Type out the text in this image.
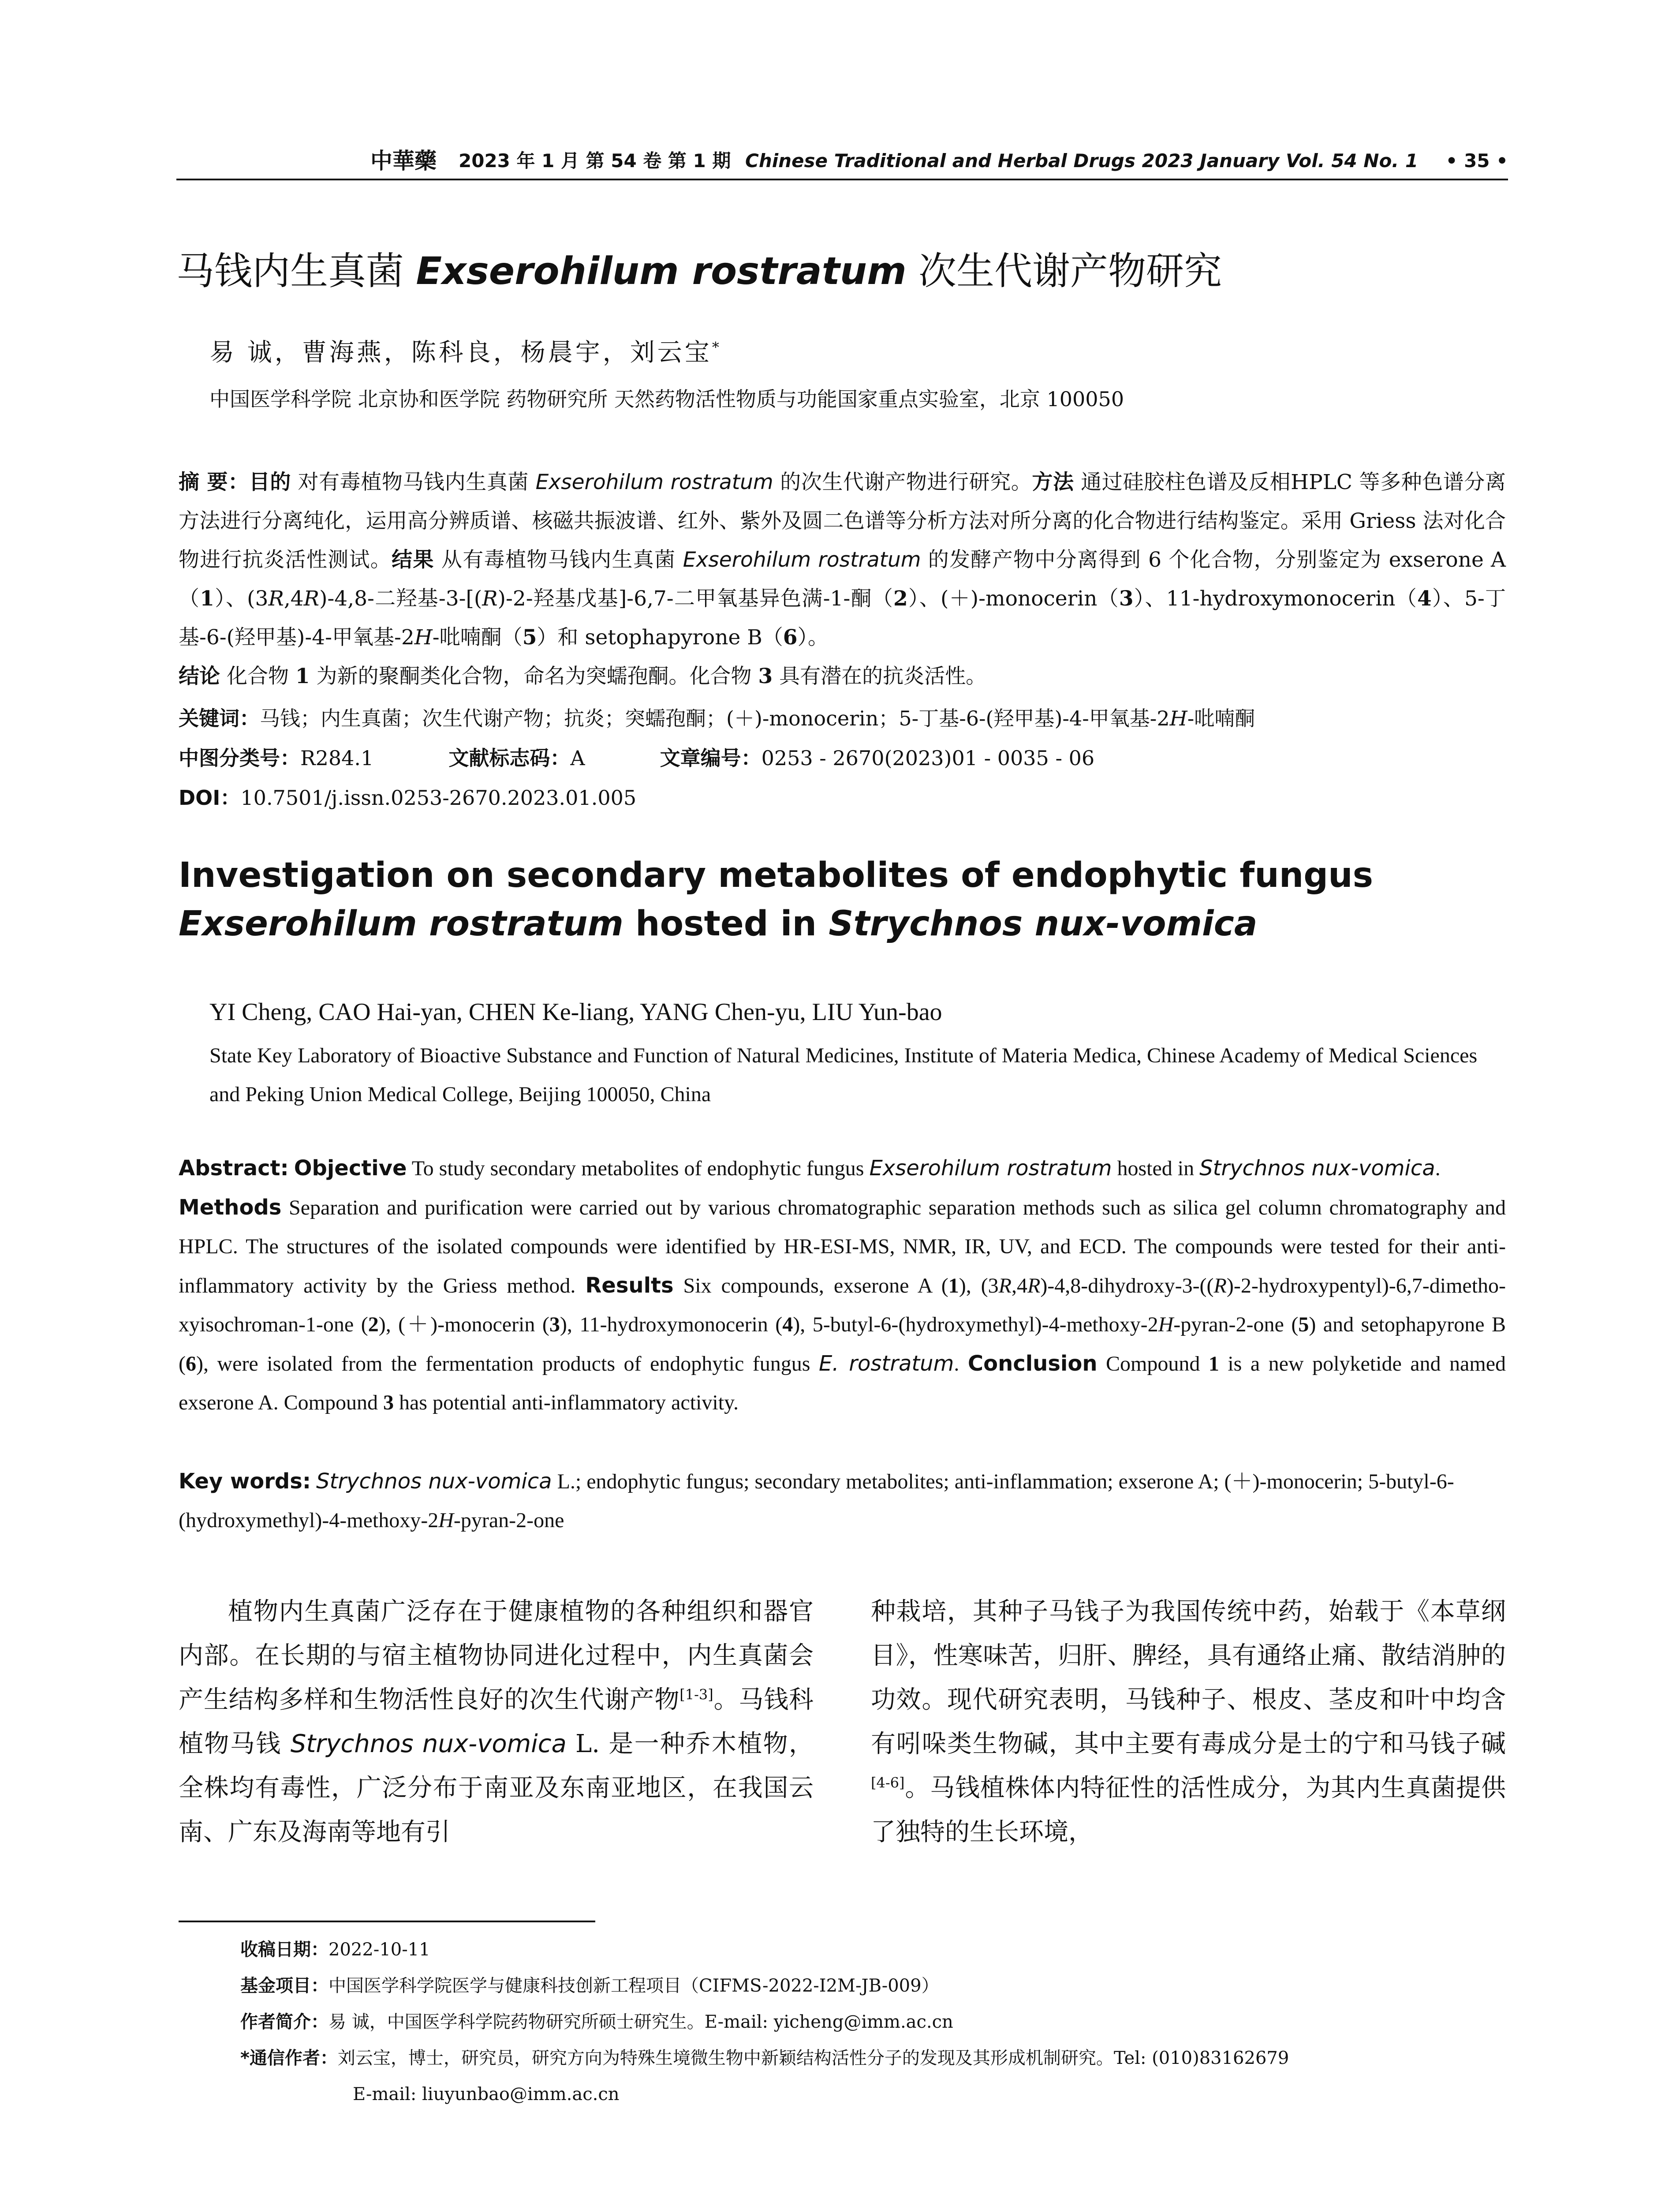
中華藥 2023 年 1 月 第 54 卷 第 1 期 Chinese Traditional and Herbal Drugs 2023 January Vol. 54 No. 1 • 35 •
马钱内生真菌 Exserohilum rostratum 次生代谢产物研究
易 诚，曹海燕，陈科良，杨晨宇，刘云宝*
中国医学科学院 北京协和医学院 药物研究所 天然药物活性物质与功能国家重点实验室，北京 100050
摘 要：目的 对有毒植物马钱内生真菌 Exserohilum rostratum 的次生代谢产物进行研究。方法 通过硅胶柱色谱及反相HPLC 等多种色谱分离方法进行分离纯化，运用高分辨质谱、核磁共振波谱、红外、紫外及圆二色谱等分析方法对所分离的化合物进行结构鉴定。采用 Griess 法对化合物进行抗炎活性测试。结果 从有毒植物马钱内生真菌 Exserohilum rostratum 的发酵产物中分离得到 6 个化合物，分别鉴定为 exserone A（1）、(3R,4R)-4,8-二羟基-3-[(R)-2-羟基戊基]-6,7-二甲氧基异色满-1-酮（2）、(＋)-monocerin（3）、11-hydroxymonocerin（4）、5-丁基-6-(羟甲基)-4-甲氧基-2H-吡喃酮（5）和 setophapyrone B（6）。
结论 化合物 1 为新的聚酮类化合物，命名为突蠕孢酮。化合物 3 具有潜在的抗炎活性。
关键词：马钱；内生真菌；次生代谢产物；抗炎；突蠕孢酮；(＋)-monocerin；5-丁基-6-(羟甲基)-4-甲氧基-2H-吡喃酮
中图分类号：R284.1	文献标志码：A	文章编号：0253 - 2670(2023)01 - 0035 - 06
DOI：10.7501/j.issn.0253-2670.2023.01.005
Investigation on secondary metabolites of endophytic fungus Exserohilum rostratum hosted in Strychnos nux-vomica
YI Cheng, CAO Hai-yan, CHEN Ke-liang, YANG Chen-yu, LIU Yun-bao
State Key Laboratory of Bioactive Substance and Function of Natural Medicines, Institute of Materia Medica, Chinese Academy of Medical Sciences and Peking Union Medical College, Beijing 100050, China
Abstract: Objective To study secondary metabolites of endophytic fungus Exserohilum rostratum hosted in Strychnos nux-vomica.
Methods Separation and purification were carried out by various chromatographic separation methods such as silica gel column chromatography and HPLC. The structures of the isolated compounds were identified by HR-ESI-MS, NMR, IR, UV, and ECD. The compounds were tested for their anti-inflammatory activity by the Griess method. Results Six compounds, exserone A (1), (3R,4R)-4,8-dihydroxy-3-((R)-2-hydroxypentyl)-6,7-dimetho-xyisochroman-1-one (2), (＋)-monocerin (3), 11-hydroxymonocerin (4), 5-butyl-6-(hydroxymethyl)-4-methoxy-2H-pyran-2-one (5) and setophapyrone B (6), were isolated from the fermentation products of endophytic fungus E. rostratum. Conclusion Compound 1 is a new polyketide and named exserone A. Compound 3 has potential anti-inflammatory activity.
Key words: Strychnos nux-vomica L.; endophytic fungus; secondary metabolites; anti-inflammation; exserone A; (＋)-monocerin; 5-butyl-6-(hydroxymethyl)-4-methoxy-2H-pyran-2-one
植物内生真菌广泛存在于健康植物的各种组织和器官内部。在长期的与宿主植物协同进化过程中，内生真菌会产生结构多样和生物活性良好的次生代谢产物[1-3]。马钱科植物马钱 Strychnos nux-vomica L. 是一种乔木植物，全株均有毒性，广泛分布于南亚及东南亚地区，在我国云南、广东及海南等地有引
种栽培，其种子马钱子为我国传统中药，始载于《本草纲目》，性寒味苦，归肝、脾经，具有通络止痛、散结消肿的功效。现代研究表明，马钱种子、根皮、茎皮和叶中均含有吲哚类生物碱，其中主要有毒成分是士的宁和马钱子碱[4-6]。马钱植株体内特征性的活性成分，为其内生真菌提供了独特的生长环境，
收稿日期：2022-10-11
基金项目：中国医学科学院医学与健康科技创新工程项目（CIFMS-2022-I2M-JB-009）
作者简介：易 诚，中国医学科学院药物研究所硕士研究生。E-mail: yicheng@imm.ac.cn
*通信作者：刘云宝，博士，研究员，研究方向为特殊生境微生物中新颖结构活性分子的发现及其形成机制研究。Tel: (010)83162679
E-mail: liuyunbao@imm.ac.cn
